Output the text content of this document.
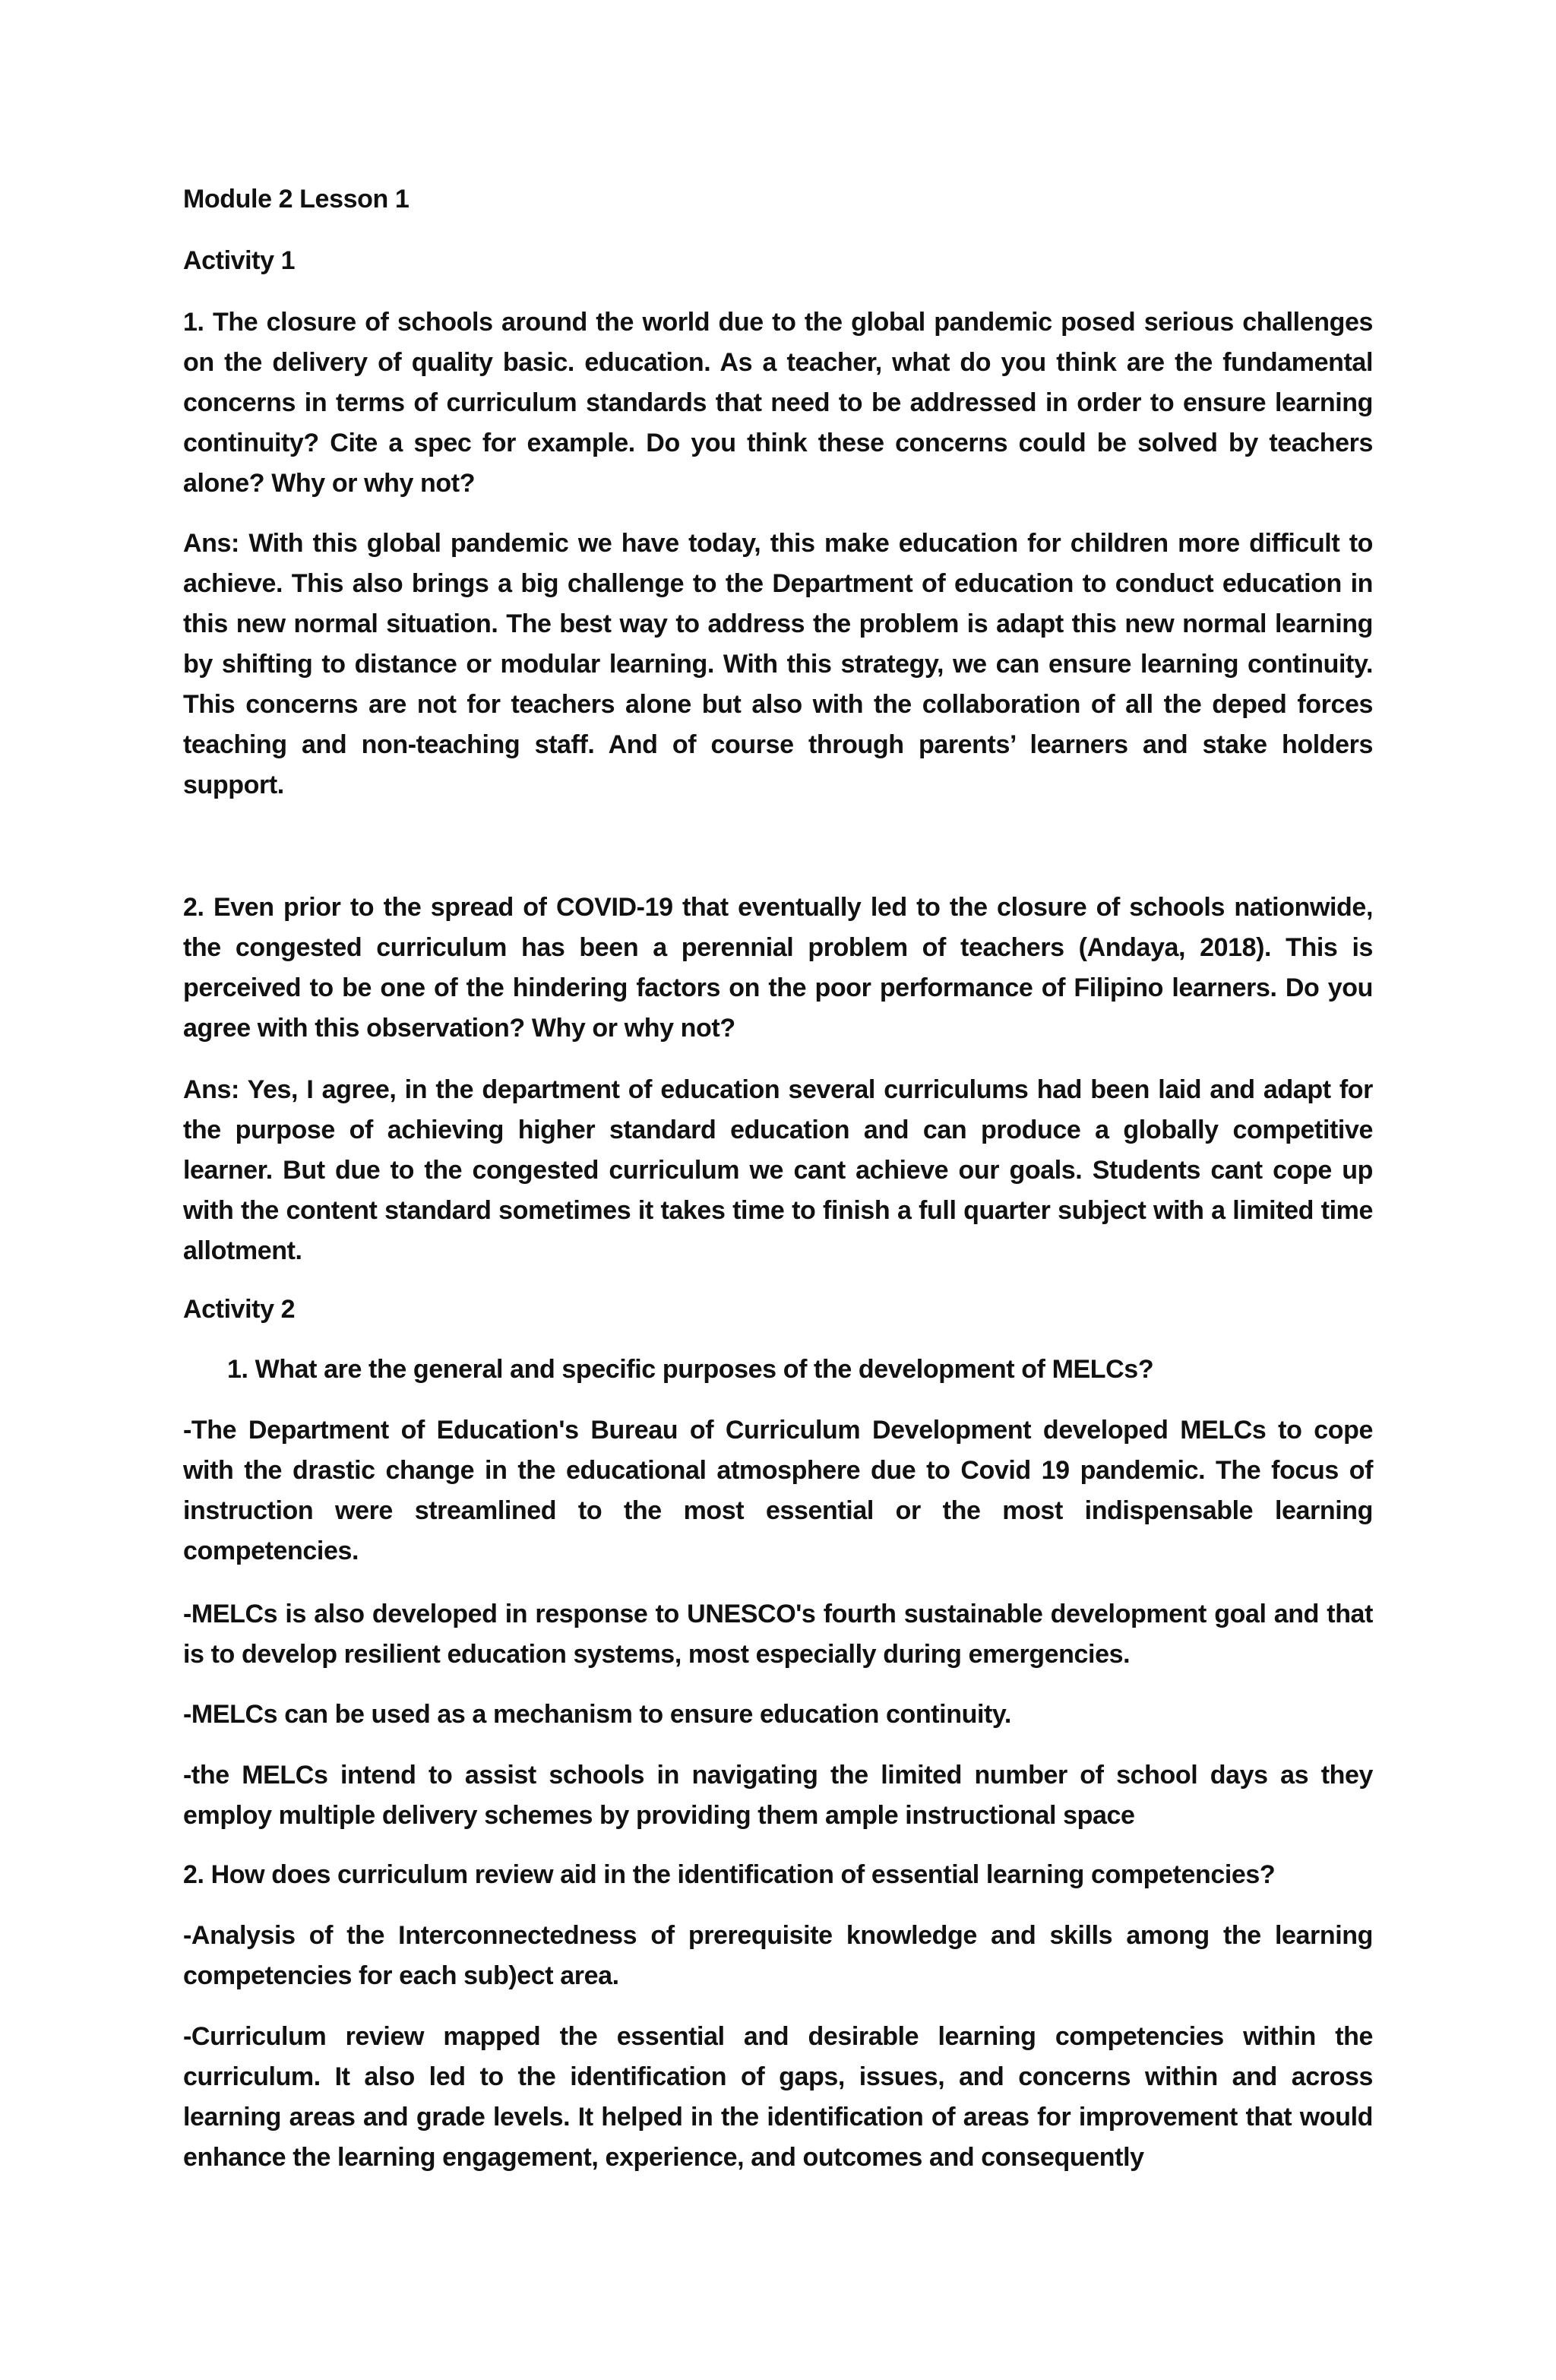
Module 2 Lesson 1

Activity 1

1. The closure of schools around the world due to the global pandemic posed serious challenges on the delivery of quality basic. education. As a teacher, what do you think are the fundamental concerns in terms of curriculum standards that need to be addressed in order to ensure learning continuity? Cite a spec for example. Do you think these concerns could be solved by teachers alone? Why or why not?

Ans: With this global pandemic we have today, this make education for children more difficult to achieve. This also brings a big challenge to the Department of education to conduct education in this new normal situation. The best way to address the problem is adapt this new normal learning by shifting to distance or modular learning. With this strategy, we can ensure learning continuity. This concerns are not for teachers alone but also with the collaboration of all the deped forces teaching and non-teaching staff. And of course through parents’ learners and stake holders support.

2. Even prior to the spread of COVID-19 that eventually led to the closure of schools nationwide, the congested curriculum has been a perennial problem of teachers (Andaya, 2018). This is perceived to be one of the hindering factors on the poor performance of Filipino learners. Do you agree with this observation? Why or why not?

Ans: Yes, I agree, in the department of education several curriculums had been laid and adapt for the purpose of achieving higher standard education and can produce a globally competitive learner. But due to the congested curriculum we cant achieve our goals. Students cant cope up with the content standard sometimes it takes time to finish a full quarter subject with a limited time allotment.

Activity 2

1. What are the general and specific purposes of the development of MELCs?

-The Department of Education's Bureau of Curriculum Development developed MELCs to cope with the drastic change in the educational atmosphere due to Covid 19 pandemic. The focus of instruction were streamlined to the most essential or the most indispensable learning competencies.

-MELCs is also developed in response to UNESCO's fourth sustainable development goal and that is to develop resilient education systems, most especially during emergencies.

-MELCs can be used as a mechanism to ensure education continuity.

-the MELCs intend to assist schools in navigating the limited number of school days as they employ multiple delivery schemes by providing them ample instructional space

2. How does curriculum review aid in the identification of essential learning competencies?

-Analysis of the Interconnectedness of prerequisite knowledge and skills among the learning competencies for each sub)ect area.

-Curriculum review mapped the essential and desirable learning competencies within the curriculum. It also led to the identification of gaps, issues, and concerns within and across learning areas and grade levels. It helped in the identification of areas for improvement that would enhance the learning engagement, experience, and outcomes and consequently
